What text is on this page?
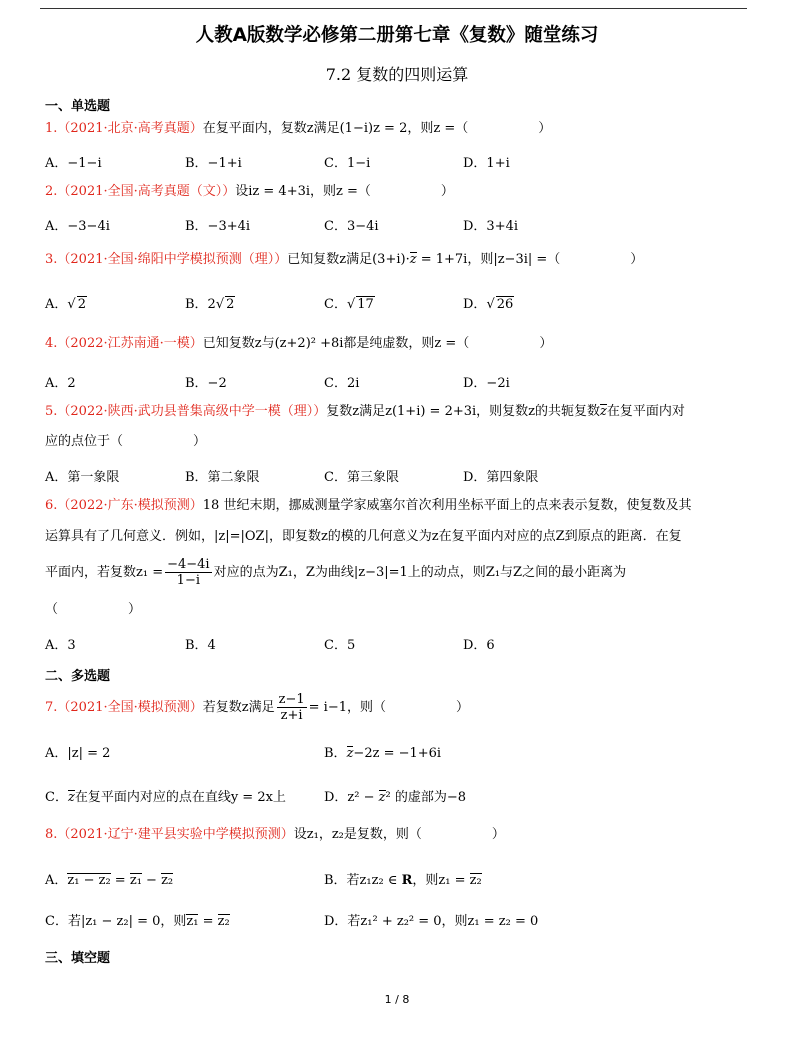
人教A版数学必修第二册第七章《复数》随堂练习
7.2 复数的四则运算
一、单选题
1.（2021·北京·高考真题）在复平面内，复数z满足(1−i)z = 2，则z =（	）
A．−1−i	B．−1+i	C．1−i	D．1+i
2.（2021·全国·高考真题（文））设iz = 4+3i，则z =（	）
A．−3−4i	B．−3+4i	C．3−4i	D．3+4i
3.（2021·全国·绵阳中学模拟预测（理））已知复数z满足(3+i)·z = 1+7i，则|z−3i| =（	）
A．√ 2	B．2√ 2	C．√ 17	D．√ 26
4.（2022·江苏南通·一模）已知复数z与(z+2)² +8i都是纯虚数，则z =（	）
A．2	B．−2	C．2i	D．−2i
5.（2022·陕西·武功县普集高级中学一模（理））复数z满足z(1+i) = 2+3i，则复数z的共轭复数z在复平面内对
应的点位于（	）
A．第一象限	B．第二象限	C．第三象限	D．第四象限
6.（2022·广东·模拟预测）18 世纪末期，挪威测量学家威塞尔首次利用坐标平面上的点来表示复数，使复数及其
运算具有了几何意义．例如，|z|=|OZ|，即复数z的模的几何意义为z在复平面内对应的点Z到原点的距离．在复
平面内，若复数$z_1 = \frac{-4-4i}{1-i}$ 对应的点为Z₁，Z为曲线|z−3|=1上的动点，则Z₁与Z之间的最小距离为
（	）
A．3	B．4	C．5	D．6
二、多选题
7.（2021·全国·模拟预测）若复数z满足 $\frac{z-1}{z+i} = i-1$，则（	）
A．|z| = 2	B．z−2z = −1+6i
C．z在复平面内对应的点在直线y = 2x上	D．z² − z² 的虚部为−8
8.（2021·辽宁·建平县实验中学模拟预测）设z₁，z₂是复数，则（	）
A．z₁ − z₂ = z₁ − z₂	B．若z₁z₂ ∈ R，则z₁ = z₂
C．若|z₁ − z₂| = 0，则z₁ = z₂	D．若z₁² + z₂² = 0，则z₁ = z₂ = 0
三、填空题
1 / 8
